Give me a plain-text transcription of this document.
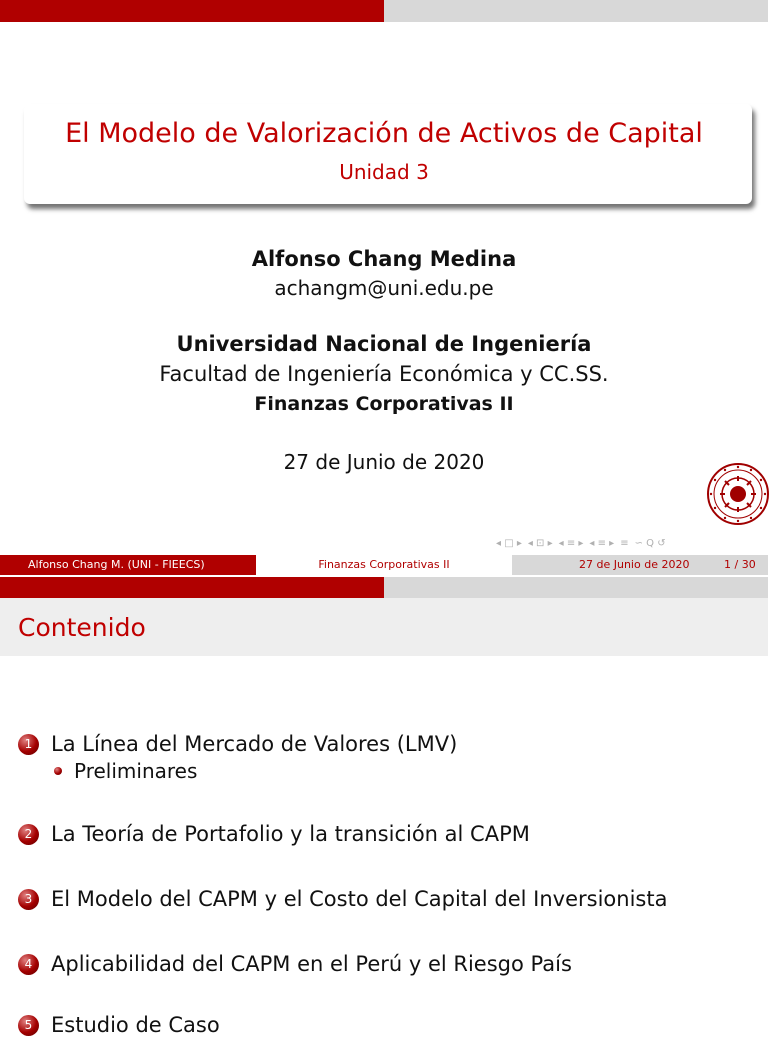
El Modelo de Valorización de Activos de Capital
Unidad 3
Alfonso Chang Medina
achangm@uni.edu.pe
Universidad Nacional de Ingeniería
Facultad de Ingeniería Económica y CC.SS.
Finanzas Corporativas II
27 de Junio de 2020
◂ □ ▸ ◂ ⊡ ▸ ◂ ≡ ▸ ◂ ≡ ▸ ≡ ∽ Q ↺
Alfonso Chang M. (UNI - FIEECS)	Finanzas Corporativas II	27 de Junio de 2020	1 / 30
Contenido
1 La Línea del Mercado de Valores (LMV)
Preliminares
2 La Teoría de Portafolio y la transición al CAPM
3 El Modelo del CAPM y el Costo del Capital del Inversionista
4 Aplicabilidad del CAPM en el Perú y el Riesgo País
5 Estudio de Caso
